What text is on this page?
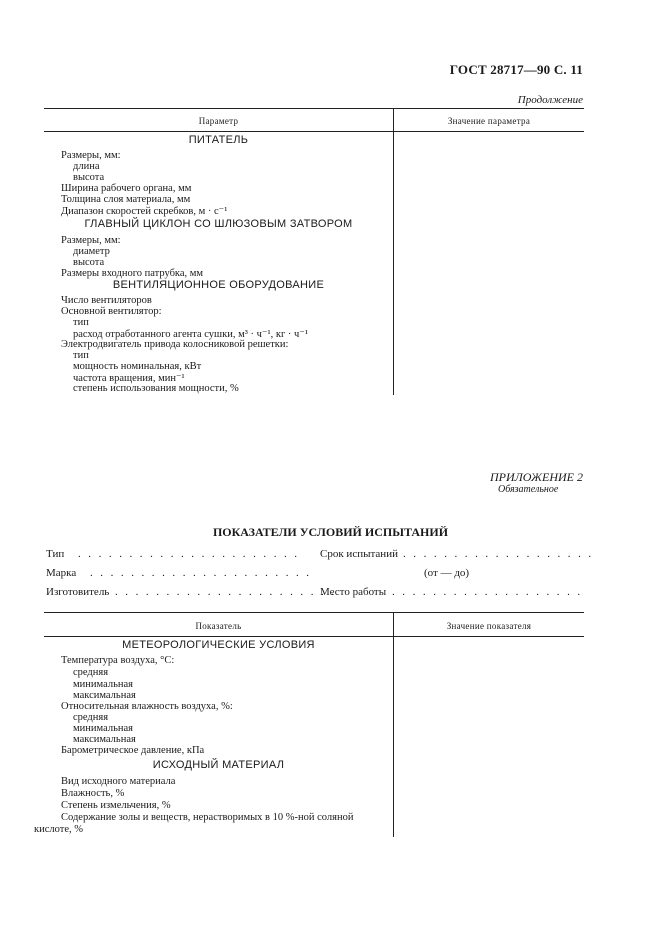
ГОСТ 28717—90 С. 11
Продолжение
Параметр	Значение параметра
ПИТАТЕЛЬ
Размеры, мм:
длина
высота
Ширина рабочего органа, мм
Толщина слоя материала, мм
Диапазон скоростей скребков, м · с⁻¹
ГЛАВНЫЙ ЦИКЛОН СО ШЛЮЗОВЫМ ЗАТВОРОМ
Размеры, мм:
диаметр
высота
Размеры входного патрубка, мм
ВЕНТИЛЯЦИОННОЕ ОБОРУДОВАНИЕ
Число вентиляторов
Основной вентилятор:
тип
расход отработанного агента сушки, м³ · ч⁻¹, кг · ч⁻¹
Электродвигатель привода колосниковой решетки:
тип
мощность номинальная, кВт
частота вращения, мин⁻¹
степень использования мощности, %
ПРИЛОЖЕНИЕ 2
Обязательное
ПОКАЗАТЕЛИ УСЛОВИЙ ИСПЫТАНИЙ
Тип . . . . . . . . . . . . . . . . . . . . . .
Марка . . . . . . . . . . . . . . . . . . . . . .
Изготовитель . . . . . . . . . . . . . . . . . . . . . .
Срок испытаний . . . . . . . . . . . . . . . . . . .
(от — до)
Место работы . . . . . . . . . . . . . . . . . . .
Показатель	Значение показателя
МЕТЕОРОЛОГИЧЕСКИЕ УСЛОВИЯ
Температура воздуха, °С:
средняя
минимальная
максимальная
Относительная влажность воздуха, %:
средняя
минимальная
максимальная
Барометрическое давление, кПа
ИСХОДНЫЙ МАТЕРИАЛ
Вид исходного материала
Влажность, %
Степень измельчения, %
Содержание золы и веществ, нерастворимых в 10 %-ной соляной
кислоте, %
